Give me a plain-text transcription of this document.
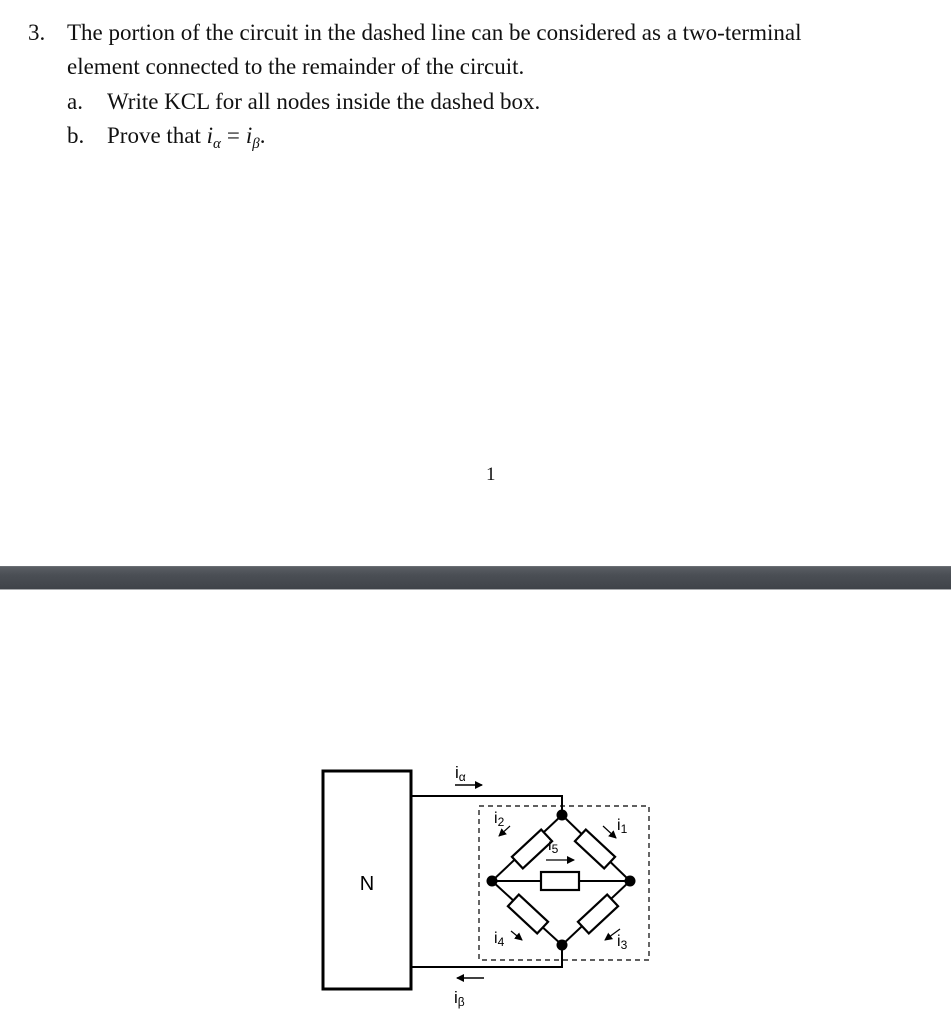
3. The portion of the circuit in the dashed line can be considered as a two-terminal
element connected to the remainder of the circuit.
a. Write KCL for all nodes inside the dashed box.
b. Prove that $i_\alpha = i_\beta$.
1
N
iα
iβ
i2	i1
i5
i4	i3
